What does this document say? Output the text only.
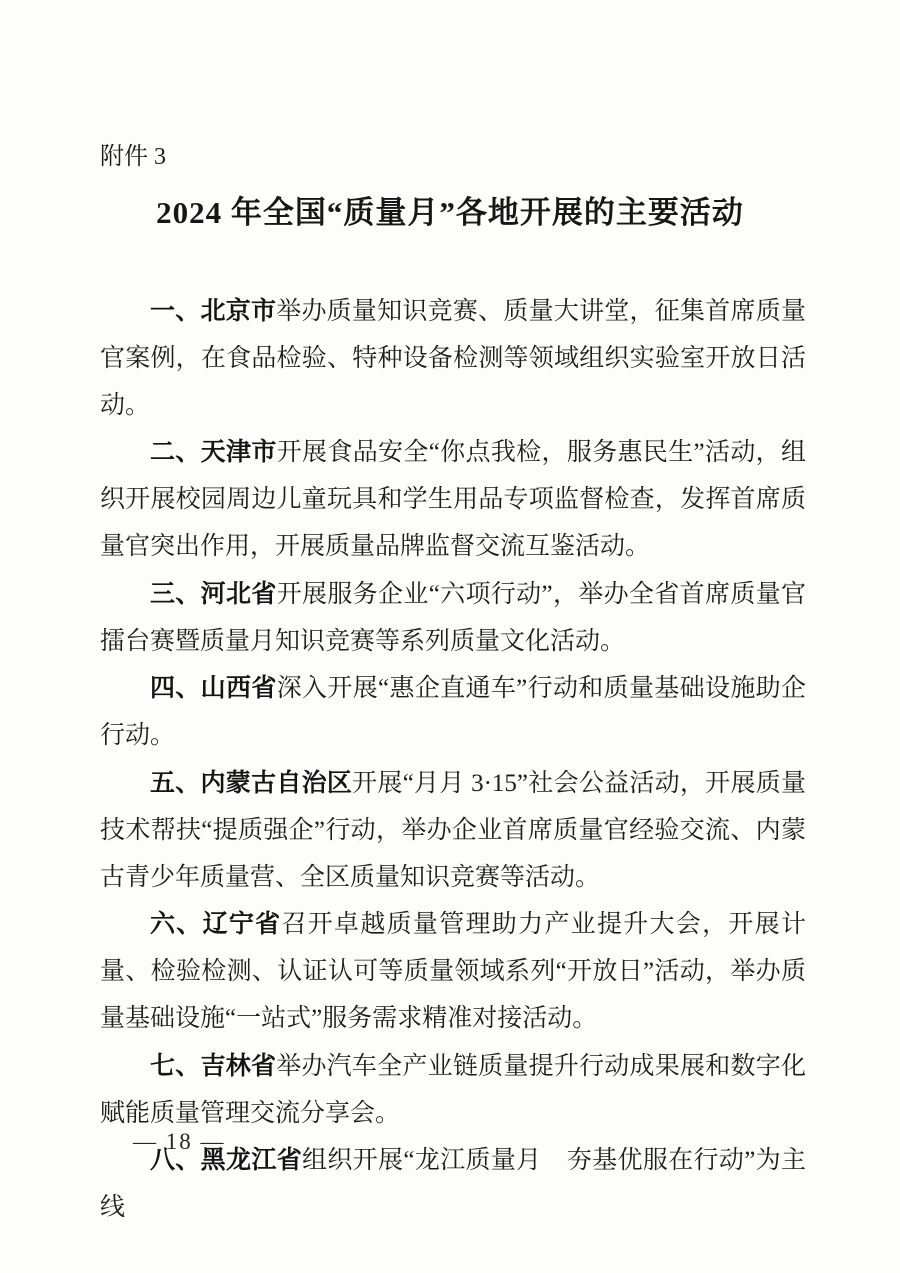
附件 3
2024 年全国“质量月”各地开展的主要活动

一、北京市举办质量知识竞赛、质量大讲堂，征集首席质量官案例，在食品检验、特种设备检测等领域组织实验室开放日活动。

二、天津市开展食品安全“你点我检，服务惠民生”活动，组织开展校园周边儿童玩具和学生用品专项监督检查，发挥首席质量官突出作用，开展质量品牌监督交流互鉴活动。

三、河北省开展服务企业“六项行动”，举办全省首席质量官擂台赛暨质量月知识竞赛等系列质量文化活动。

四、山西省深入开展“惠企直通车”行动和质量基础设施助企行动。

五、内蒙古自治区开展“月月 3·15”社会公益活动，开展质量技术帮扶“提质强企”行动，举办企业首席质量官经验交流、内蒙古青少年质量营、全区质量知识竞赛等活动。

六、辽宁省召开卓越质量管理助力产业提升大会，开展计量、检验检测、认证认可等质量领域系列“开放日”活动，举办质量基础设施“一站式”服务需求精准对接活动。

七、吉林省举办汽车全产业链质量提升行动成果展和数字化赋能质量管理交流分享会。

八、黑龙江省组织开展“龙江质量月　夯基优服在行动”为主线

— 18 —
